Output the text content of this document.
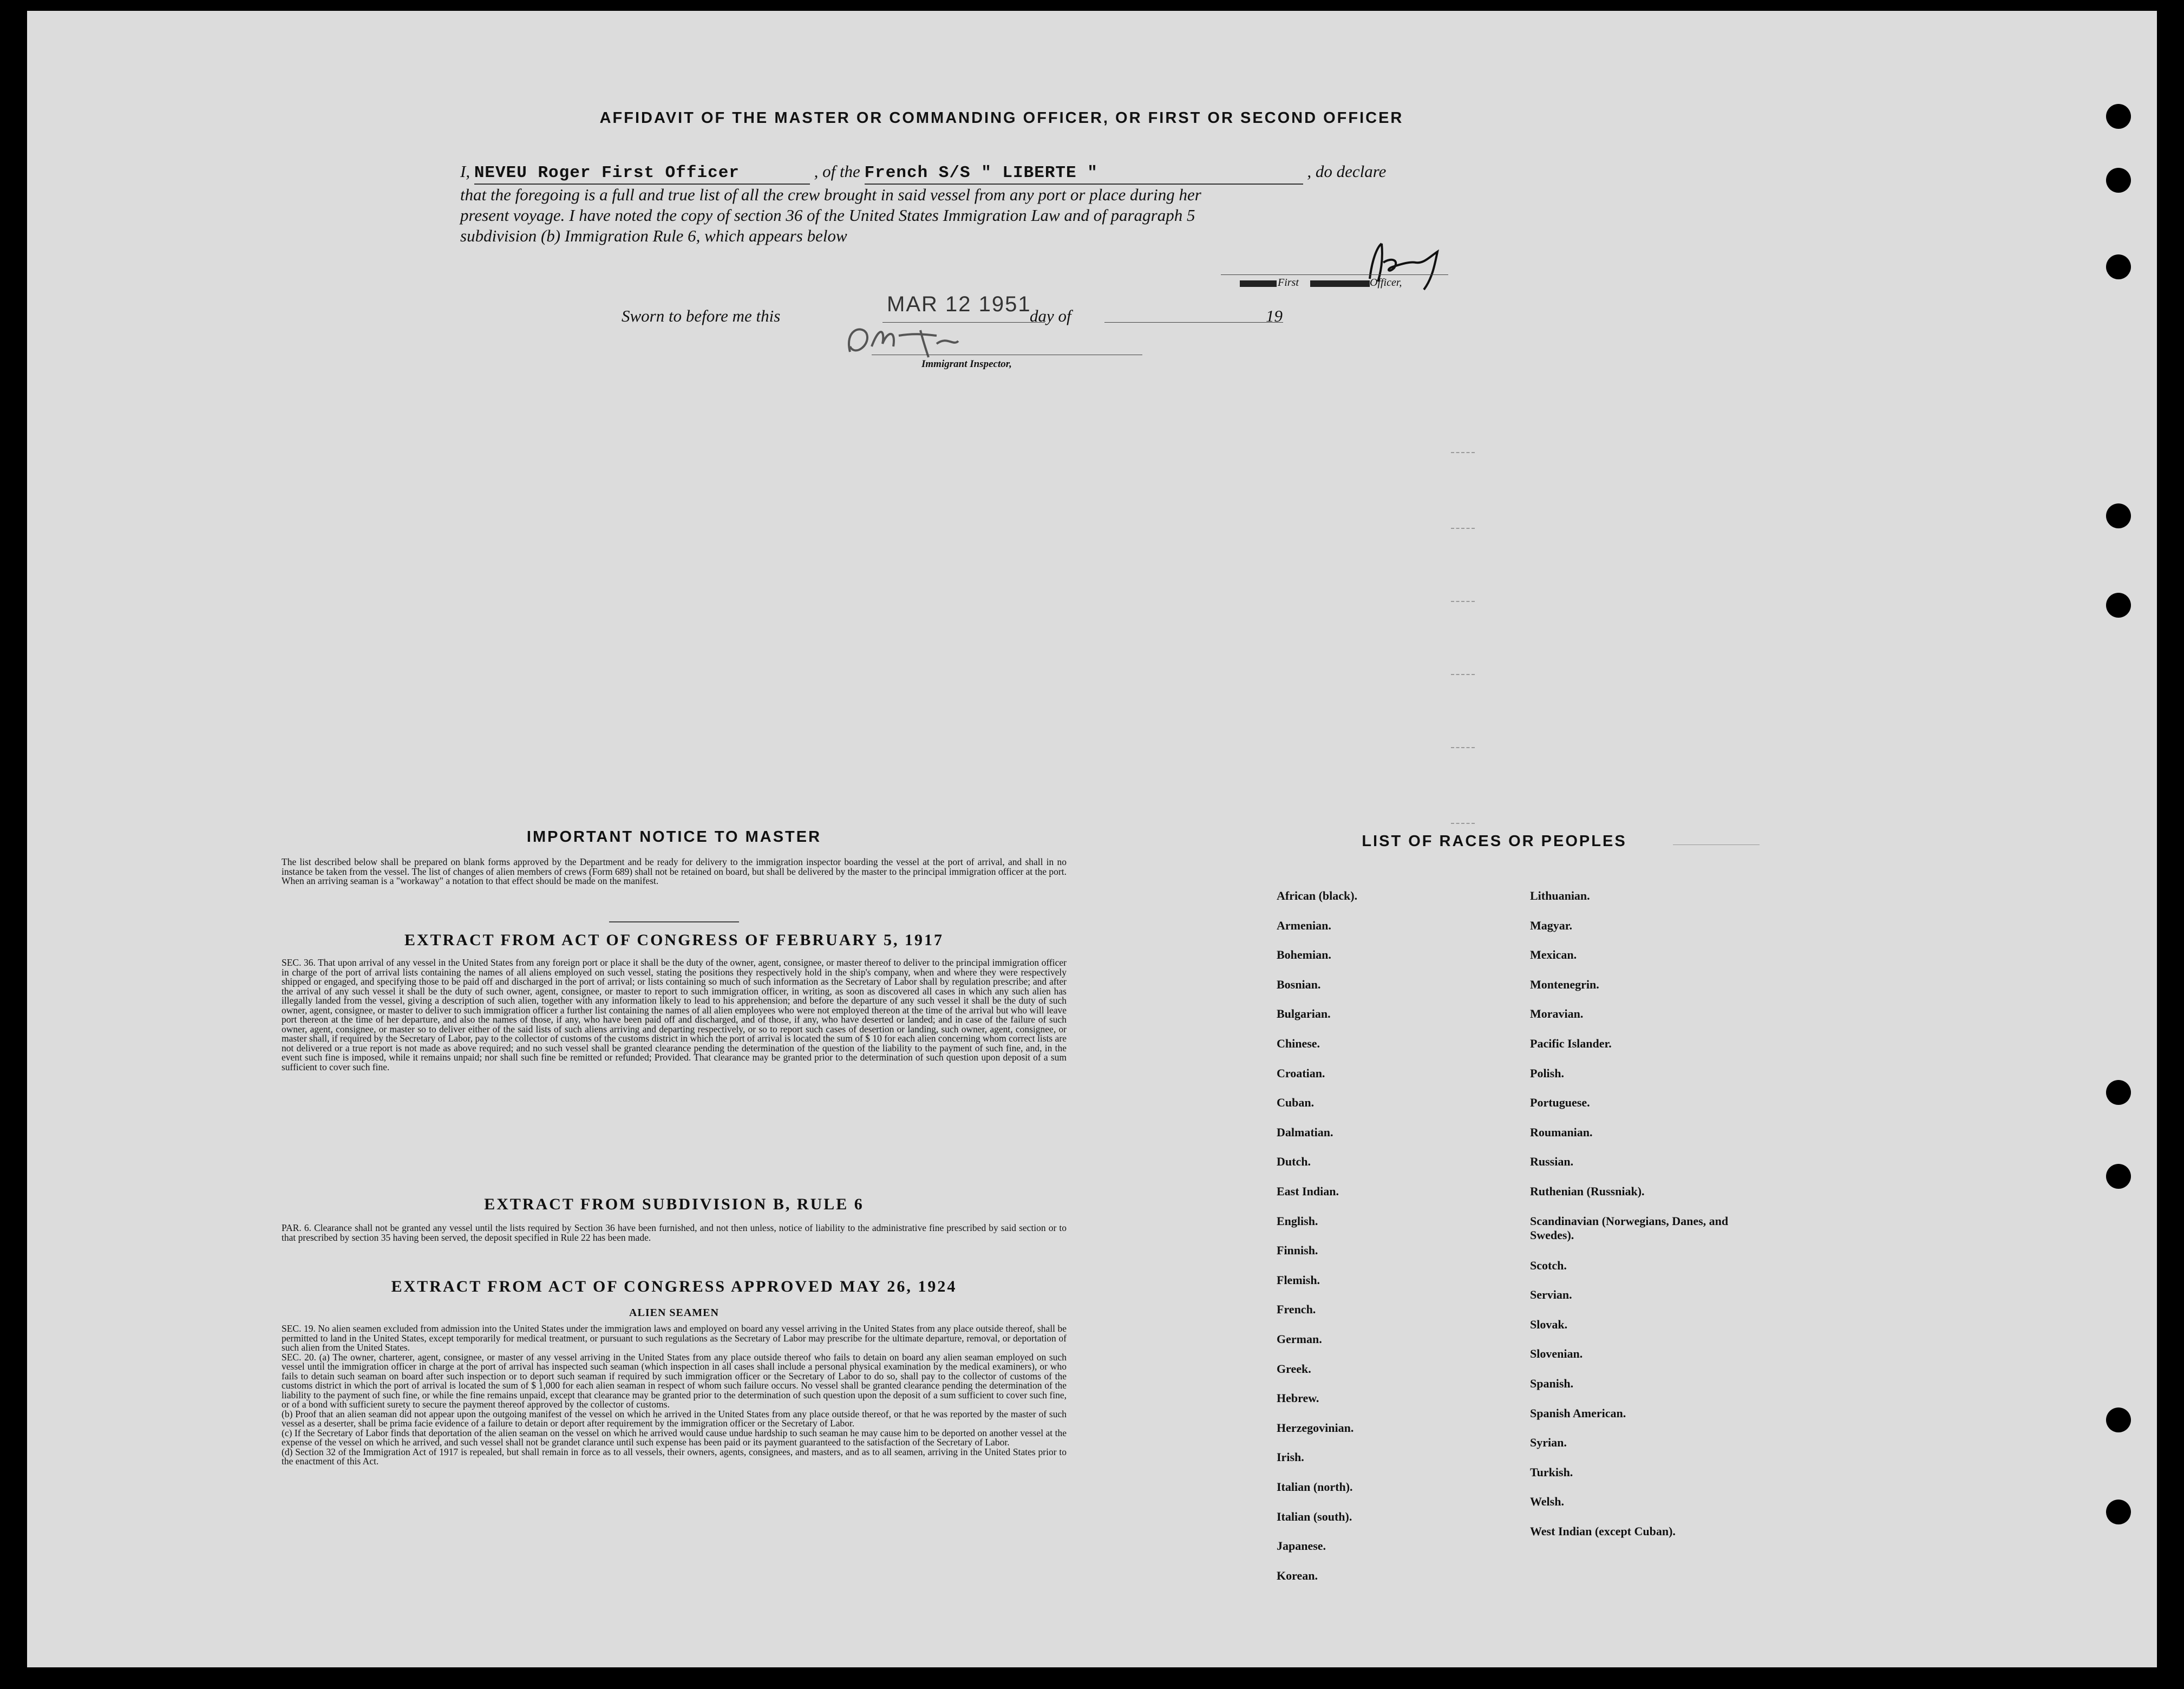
AFFIDAVIT OF THE MASTER OR COMMANDING OFFICER, OR FIRST OR SECOND OFFICER
I, NEVEU Roger First Officer	, of the French S/S " LIBERTE "	, do declare
that the foregoing is a full and true list of all the crew brought in said vessel from any port or place during her
present voyage. I have noted the copy of section 36 of the United States Immigration Law and of paragraph 5
subdivision (b) Immigration Rule 6, which appears below
First	Officer,
Sworn to before me this	MAR 12 1951
day of	19
Immigrant Inspector,
IMPORTANT NOTICE TO MASTER
The list described below shall be prepared on blank forms approved by the Department and be ready for delivery to the immigration inspector boarding the vessel at the port of arrival, and shall in no instance be taken from the vessel. The list of changes of alien members of crews (Form 689) shall not be retained on board, but shall be delivered by the master to the principal immigration officer at the port. When an arriving seaman is a "workaway" a notation to that effect should be made on the manifest.
EXTRACT FROM ACT OF CONGRESS OF FEBRUARY 5, 1917
SEC. 36. That upon arrival of any vessel in the United States from any foreign port or place it shall be the duty of the owner, agent, consignee, or master thereof to deliver to the principal immigration officer in charge of the port of arrival lists containing the names of all aliens employed on such vessel, stating the positions they respectively hold in the ship's company, when and where they were respectively shipped or engaged, and specifying those to be paid off and discharged in the port of arrival; or lists containing so much of such information as the Secretary of Labor shall by regulation prescribe; and after the arrival of any such vessel it shall be the duty of such owner, agent, consignee, or master to report to such immigration officer, in writing, as soon as discovered all cases in which any such alien has illegally landed from the vessel, giving a description of such alien, together with any information likely to lead to his apprehension; and before the departure of any such vessel it shall be the duty of such owner, agent, consignee, or master to deliver to such immigration officer a further list containing the names of all alien employees who were not employed thereon at the time of the arrival but who will leave port thereon at the time of her departure, and also the names of those, if any, who have been paid off and discharged, and of those, if any, who have deserted or landed; and in case of the failure of such owner, agent, consignee, or master so to deliver either of the said lists of such aliens arriving and departing respectively, or so to report such cases of desertion or landing, such owner, agent, consignee, or master shall, if required by the Secretary of Labor, pay to the collector of customs of the customs district in which the port of arrival is located the sum of $ 10 for each alien concerning whom correct lists are not delivered or a true report is not made as above required; and no such vessel shall be granted clearance pending the determination of the question of the liability to the payment of such fine, and, in the event such fine is imposed, while it remains unpaid; nor shall such fine be remitted or refunded; Provided. That clearance may be granted prior to the determination of such question upon deposit of a sum sufficient to cover such fine.
EXTRACT FROM SUBDIVISION B, RULE 6
PAR. 6. Clearance shall not be granted any vessel until the lists required by Section 36 have been furnished, and not then unless, notice of liability to the administrative fine prescribed by said section or to that prescribed by section 35 having been served, the deposit specified in Rule 22 has been made.
EXTRACT FROM ACT OF CONGRESS APPROVED MAY 26, 1924
ALIEN SEAMEN
SEC. 19. No alien seamen excluded from admission into the United States under the immigration laws and employed on board any vessel arriving in the United States from any place outside thereof, shall be permitted to land in the United States, except temporarily for medical treatment, or pursuant to such regulations as the Secretary of Labor may prescribe for the ultimate departure, removal, or deportation of such alien from the United States.
SEC. 20. (a) The owner, charterer, agent, consignee, or master of any vessel arriving in the United States from any place outside thereof who fails to detain on board any alien seaman employed on such vessel until the immigration officer in charge at the port of arrival has inspected such seaman (which inspection in all cases shall include a personal physical examination by the medical examiners), or who fails to detain such seaman on board after such inspection or to deport such seaman if required by such immigration officer or the Secretary of Labor to do so, shall pay to the collector of customs of the customs district in which the port of arrival is located the sum of $ 1,000 for each alien seaman in respect of whom such failure occurs. No vessel shall be granted clearance pending the determination of the liability to the payment of such fine, or while the fine remains unpaid, except that clearance may be granted prior to the determination of such question upon the deposit of a sum sufficient to cover such fine, or of a bond with sufficient surety to secure the payment thereof approved by the collector of customs.
(b) Proof that an alien seaman did not appear upon the outgoing manifest of the vessel on which he arrived in the United States from any place outside thereof, or that he was reported by the master of such vessel as a deserter, shall be prima facie evidence of a failure to detain or deport after requirement by the immigration officer or the Secretary of Labor.
(c) If the Secretary of Labor finds that deportation of the alien seaman on the vessel on which he arrived would cause undue hardship to such seaman he may cause him to be deported on another vessel at the expense of the vessel on which he arrived, and such vessel shall not be grandet clarance until such expense has been paid or its payment guaranteed to the satisfaction of the Secretary of Labor.
(d) Section 32 of the Immigration Act of 1917 is repealed, but shall remain in force as to all vessels, their owners, agents, consignees, and masters, and as to all seamen, arriving in the United States prior to the enactment of this Act.
LIST OF RACES OR PEOPLES
African (black).
Armenian.
Bohemian.
Bosnian.
Bulgarian.
Chinese.
Croatian.
Cuban.
Dalmatian.
Dutch.
East Indian.
English.
Finnish.
Flemish.
French.
German.
Greek.
Hebrew.
Herzegovinian.
Irish.
Italian (north).
Italian (south).
Japanese.
Korean.
Lithuanian.
Magyar.
Mexican.
Montenegrin.
Moravian.
Pacific Islander.
Polish.
Portuguese.
Roumanian.
Russian.
Ruthenian (Russniak).
Scandinavian (Norwegians, Danes, and Swedes).
Scotch.
Servian.
Slovak.
Slovenian.
Spanish.
Spanish American.
Syrian.
Turkish.
Welsh.
West Indian (except Cuban).
